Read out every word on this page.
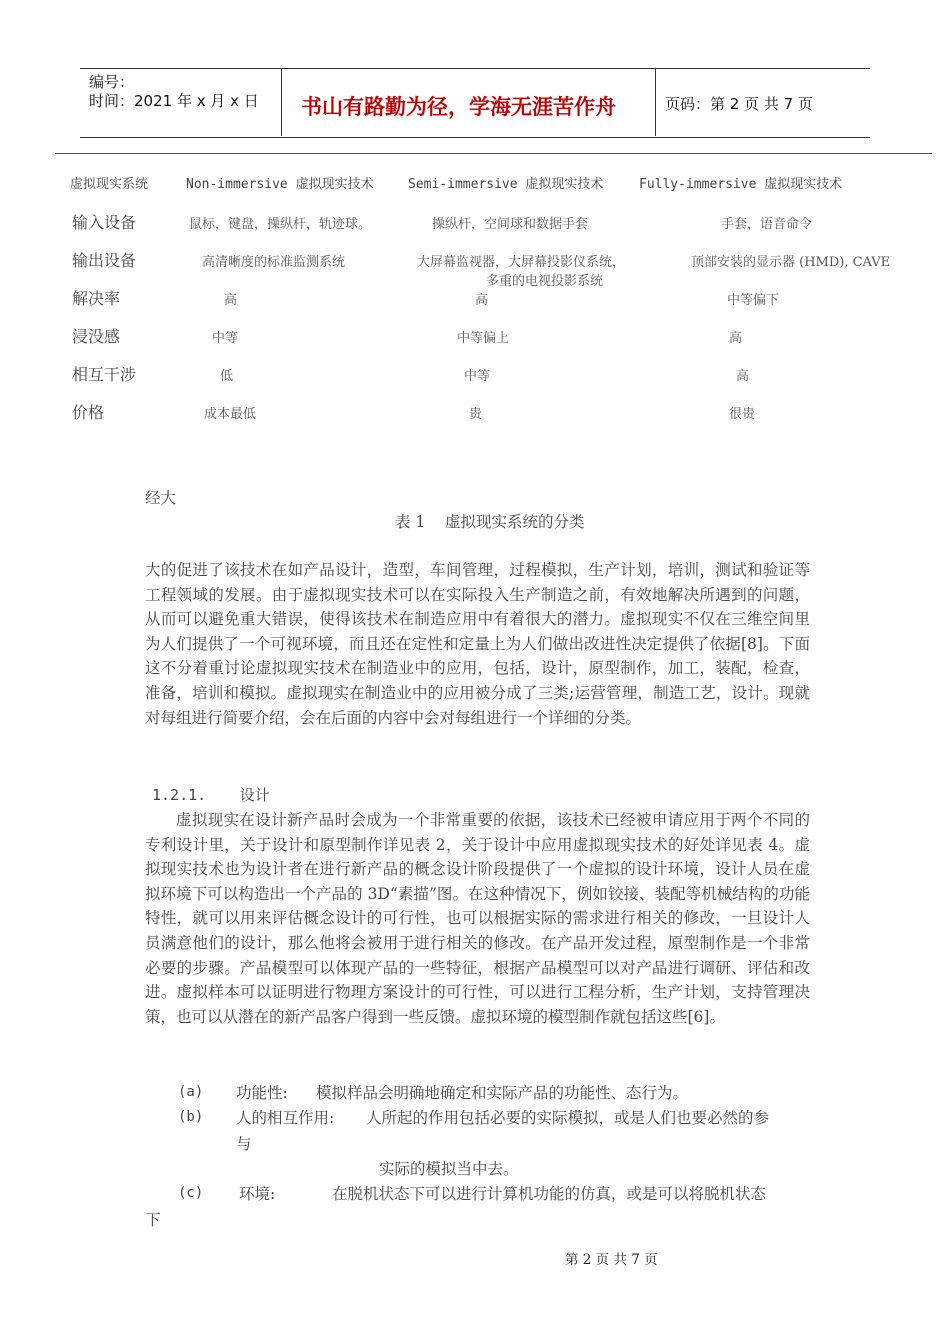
编号：
时间：2021 年 x 月 x 日 书山有路勤为径，学海无涯苦作舟	页码：第 2 页 共 7 页
虚拟现实系统	Non-immersive 虚拟现实技术	Semi-immersive 虚拟现实技术	Fully-immersive 虚拟现实技术
输入设备	鼠标，键盘，操纵杆，轨迹球。	操纵杆，空间球和数据手套	手套，语音命令
输出设备	高清晰度的标准监测系统	大屏幕监视器，大屏幕投影仪系统，	顶部安装的显示器 (HMD), CAVE
多重的电视投影系统
解决率	高	高	中等偏下
浸没感	中等	中等偏上	高
相互干涉	低	中等	高
价格	成本最低	贵	很贵
经大
表 1    虚拟现实系统的分类
大的促进了该技术在如产品设计，造型，车间管理，过程模拟，生产计划，培训，测试和验证等工程领域的发展。由于虚拟现实技术可以在实际投入生产制造之前，有效地解决所遇到的问题，从而可以避免重大错误，使得该技术在制造应用中有着很大的潜力。虚拟现实不仅在三维空间里为人们提供了一个可视环境，而且还在定性和定量上为人们做出改进性决定提供了依据[8]。下面这不分着重讨论虚拟现实技术在制造业中的应用，包括，设计，原型制作，加工，装配，检查，准备，培训和模拟。虚拟现实在制造业中的应用被分成了三类;运营管理，制造工艺，设计。现就对每组进行简要介绍，会在后面的内容中会对每组进行一个详细的分类。
1.2.1. 设计
虚拟现实在设计新产品时会成为一个非常重要的依据，该技术已经被申请应用于两个不同的专利设计里，关于设计和原型制作详见表 2，关于设计中应用虚拟现实技术的好处详见表 4。虚拟现实技术也为设计者在进行新产品的概念设计阶段提供了一个虚拟的设计环境，设计人员在虚拟环境下可以构造出一个产品的 3D“素描”图。在这种情况下，例如铰接、装配等机械结构的功能特性，就可以用来评估概念设计的可行性，也可以根据实际的需求进行相关的修改，一旦设计人员满意他们的设计，那么他将会被用于进行相关的修改。在产品开发过程，原型制作是一个非常必要的步骤。产品模型可以体现产品的一些特征，根据产品模型可以对产品进行调研、评估和改进。虚拟样本可以证明进行物理方案设计的可行性，可以进行工程分析，生产计划，支持管理决策，也可以从潜在的新产品客户得到一些反馈。虚拟环境的模型制作就包括这些[6]。
(a) 功能性: 模拟样品会明确地确定和实际产品的功能性、态行为。
(b) 人的相互作用: 人所起的作用包括必要的实际模拟，或是人们也要必然的参
与
实际的模拟当中去。
(c) 环境:	在脱机状态下可以进行计算机功能的仿真，或是可以将脱机状态
下
第 2 页 共 7 页
